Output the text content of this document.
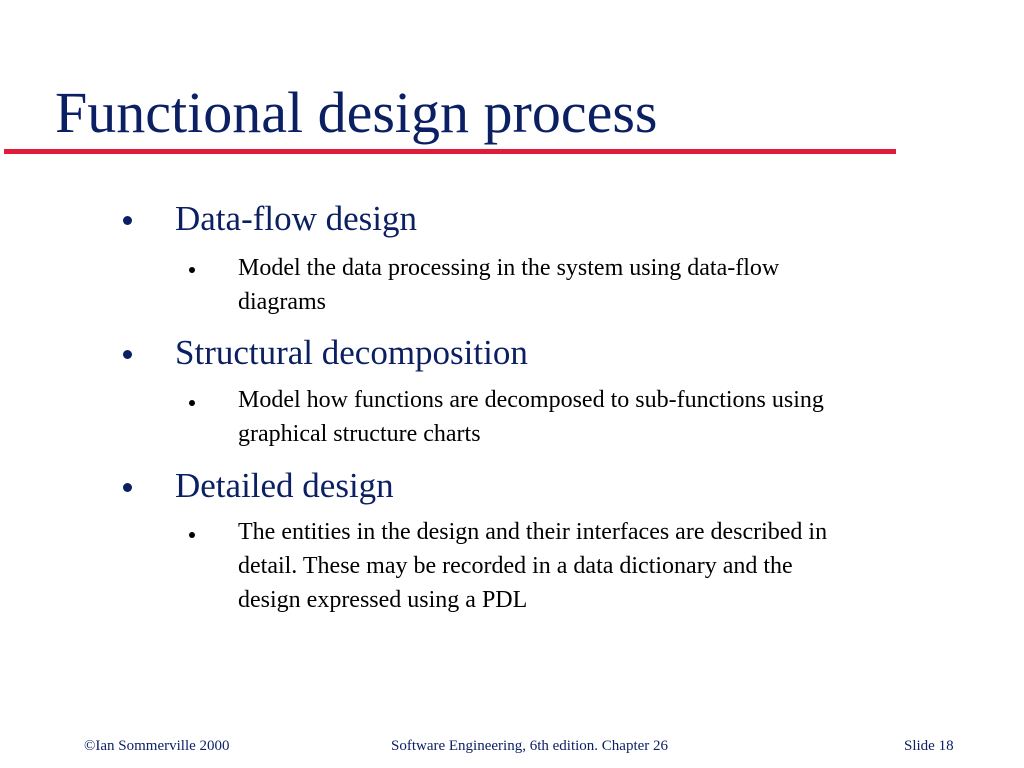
Functional design process
Data-flow design
Model the data processing in the system using data-flow
diagrams
Structural decomposition
Model how functions are decomposed to sub-functions using
graphical structure charts
Detailed design
The entities in the design and their interfaces are described in
detail. These may be recorded in a data dictionary and the
design expressed using a PDL
©Ian Sommerville 2000	Software Engineering, 6th edition. Chapter 26	Slide 18
